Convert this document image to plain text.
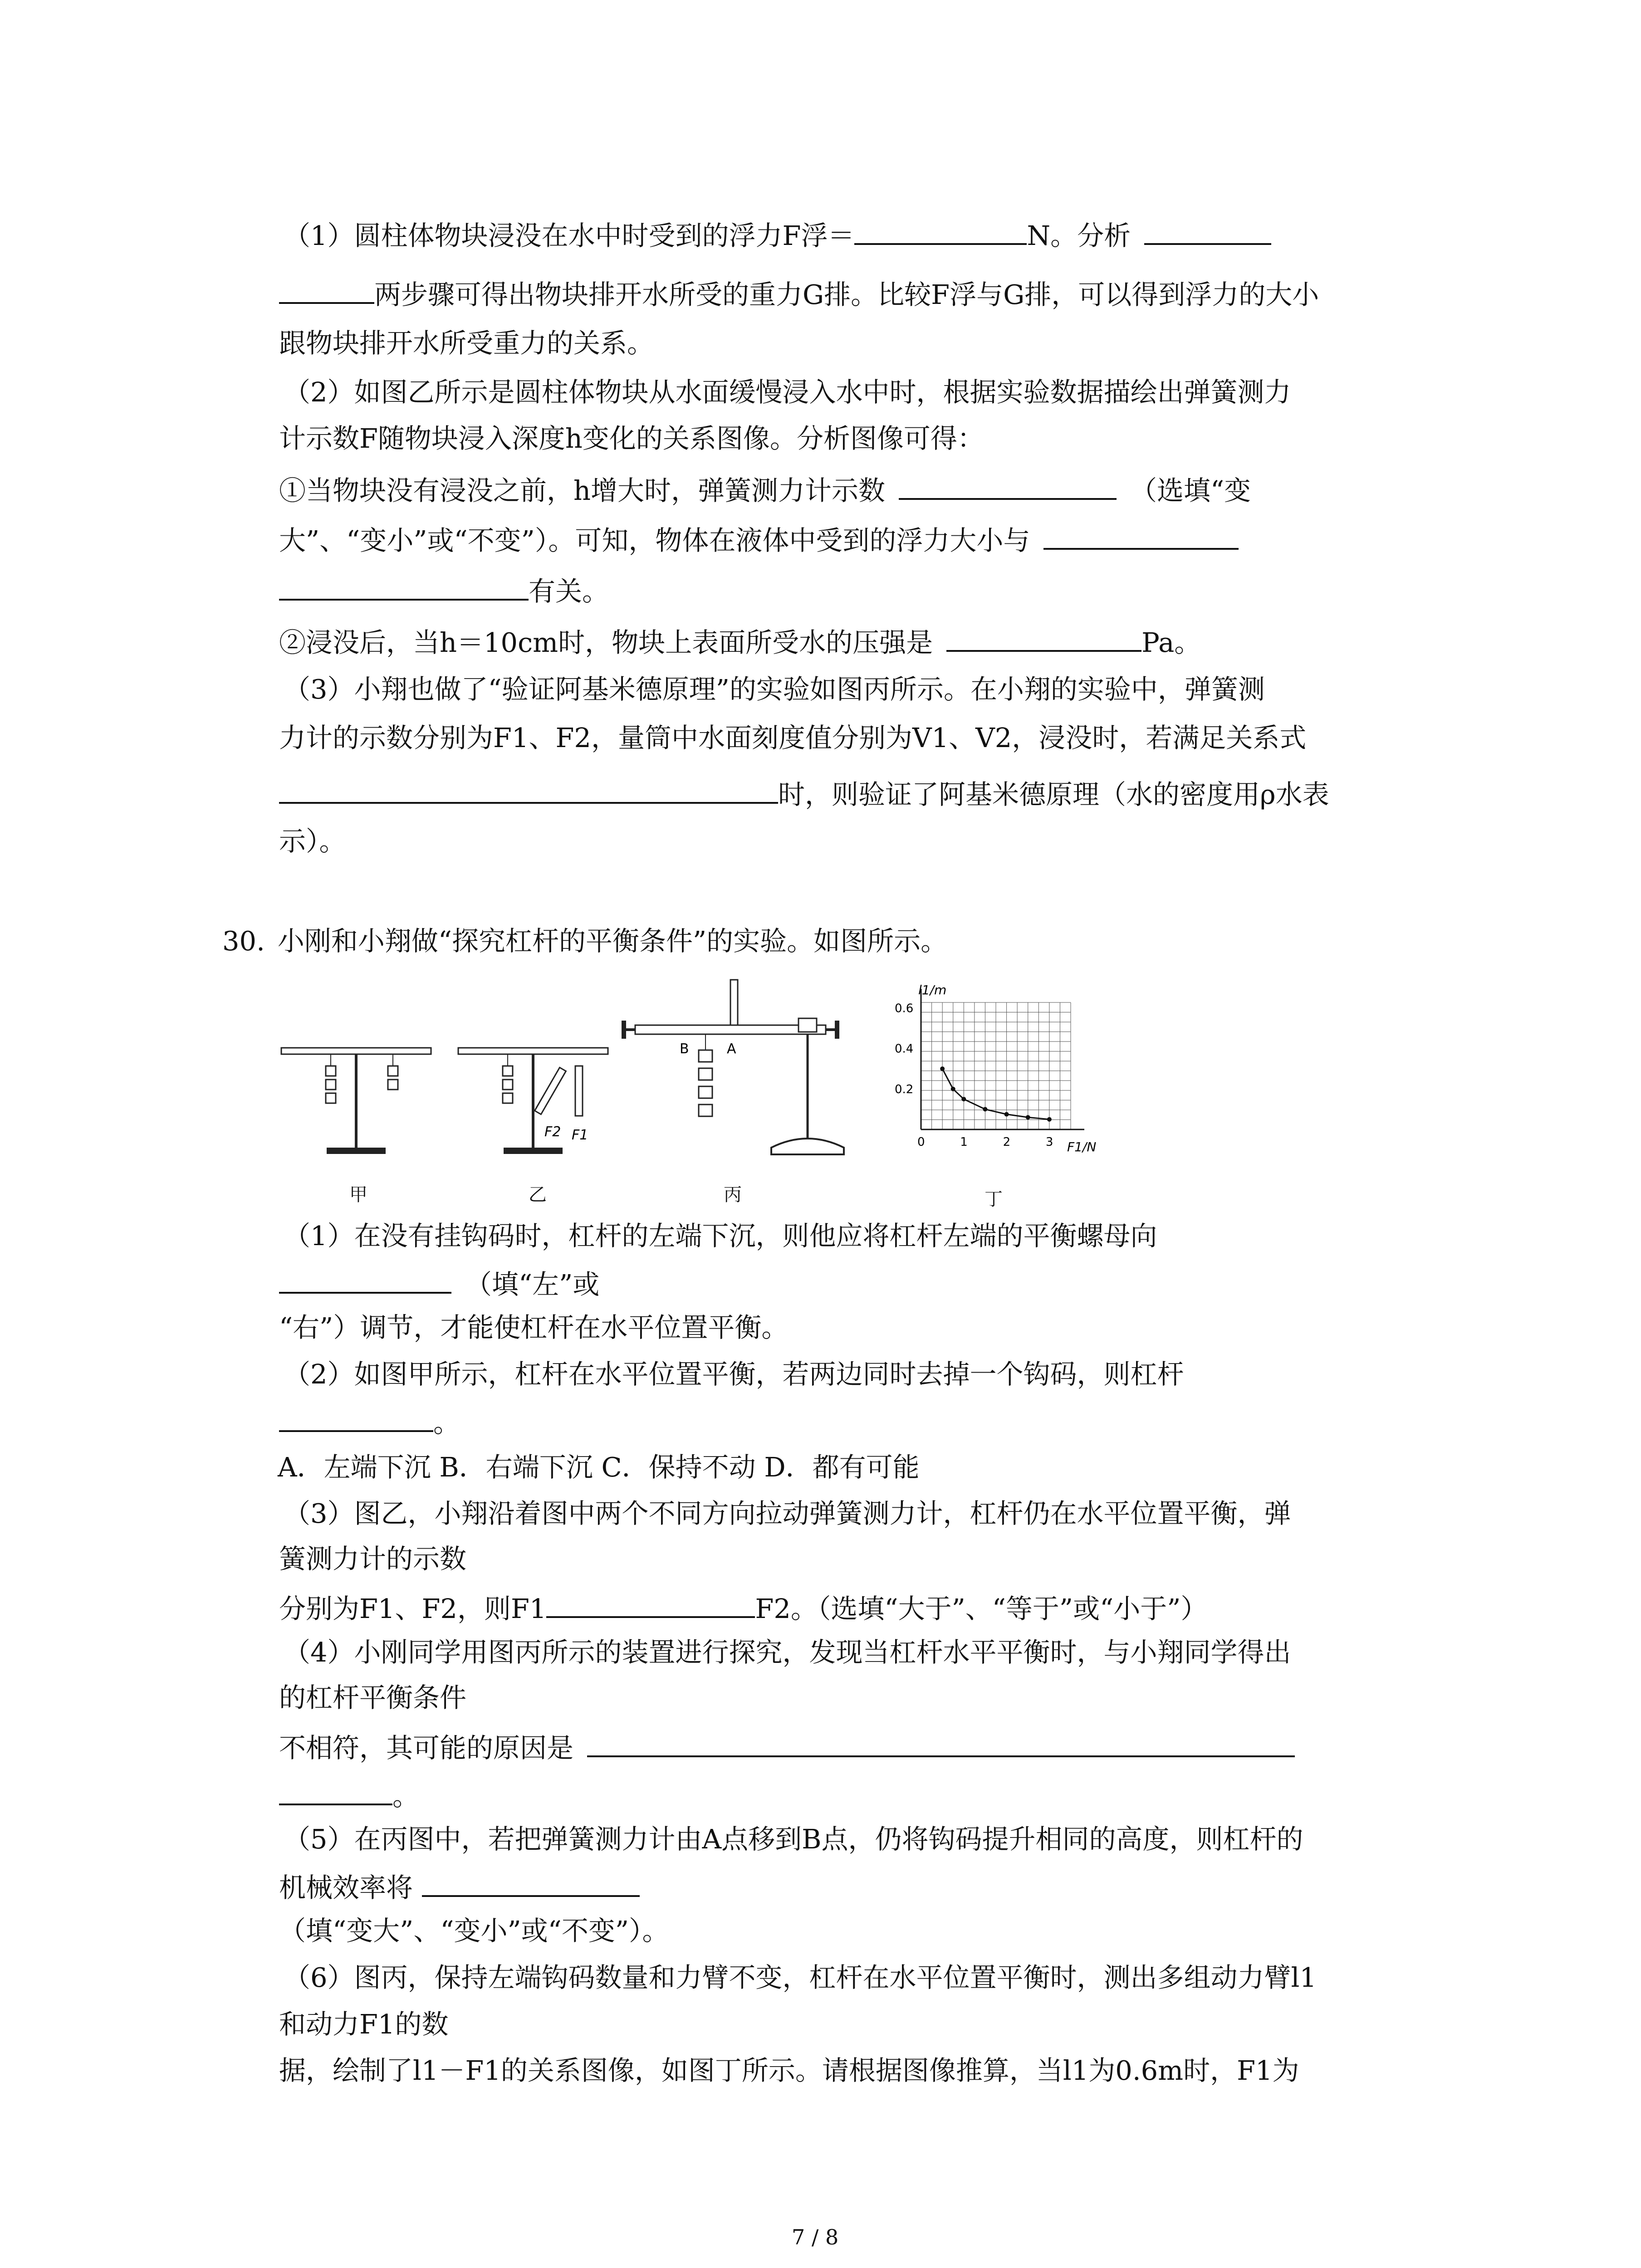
（1）圆柱体物块浸没在水中时受到的浮力F浮＝	N。分析
两步骤可得出物块排开水所受的重力G排。比较F浮与G排，可以得到浮力的大小
跟物块排开水所受重力的关系。
（2）如图乙所示是圆柱体物块从水面缓慢浸入水中时，根据实验数据描绘出弹簧测力
计示数F随物块浸入深度h变化的关系图像。分析图像可得：
①当物块没有浸没之前，h增大时，弹簧测力计示数	（选填“变
大”、“变小”或“不变”）。可知，物体在液体中受到的浮力大小与
有关。
②浸没后，当h＝10cm时，物块上表面所受水的压强是	Pa。
（3）小翔也做了“验证阿基米德原理”的实验如图丙所示。在小翔的实验中，弹簧测
力计的示数分别为F1、F2，量筒中水面刻度值分别为V1、V2，浸没时，若满足关系式
时，则验证了阿基米德原理（水的密度用ρ水表
示）。
30. 小刚和小翔做“探究杠杆的平衡条件”的实验。如图所示。
F2 F1
B	A
0	1	2	3
0.2
0.4
0.6
l1/m
F1/N
甲	乙	丙	丁
（1）在没有挂钩码时，杠杆的左端下沉，则他应将杠杆左端的平衡螺母向
（填“左”或
“右”）调节，才能使杠杆在水平位置平衡。
（2）如图甲所示，杠杆在水平位置平衡，若两边同时去掉一个钩码，则杠杆
。
A．左端下沉 B．右端下沉 C．保持不动 D．都有可能
（3）图乙，小翔沿着图中两个不同方向拉动弹簧测力计，杠杆仍在水平位置平衡，弹
簧测力计的示数
分别为F1、F2，则F1	F2。（选填“大于”、“等于”或“小于”）
（4）小刚同学用图丙所示的装置进行探究，发现当杠杆水平平衡时，与小翔同学得出
的杠杆平衡条件
不相符，其可能的原因是
。
（5）在丙图中，若把弹簧测力计由A点移到B点，仍将钩码提升相同的高度，则杠杆的
机械效率将
（填“变大”、“变小”或“不变”）。
（6）图丙，保持左端钩码数量和力臂不变，杠杆在水平位置平衡时，测出多组动力臂l1
和动力F1的数
据，绘制了l1－F1的关系图像，如图丁所示。请根据图像推算，当l1为0.6m时，F1为
7 / 8
